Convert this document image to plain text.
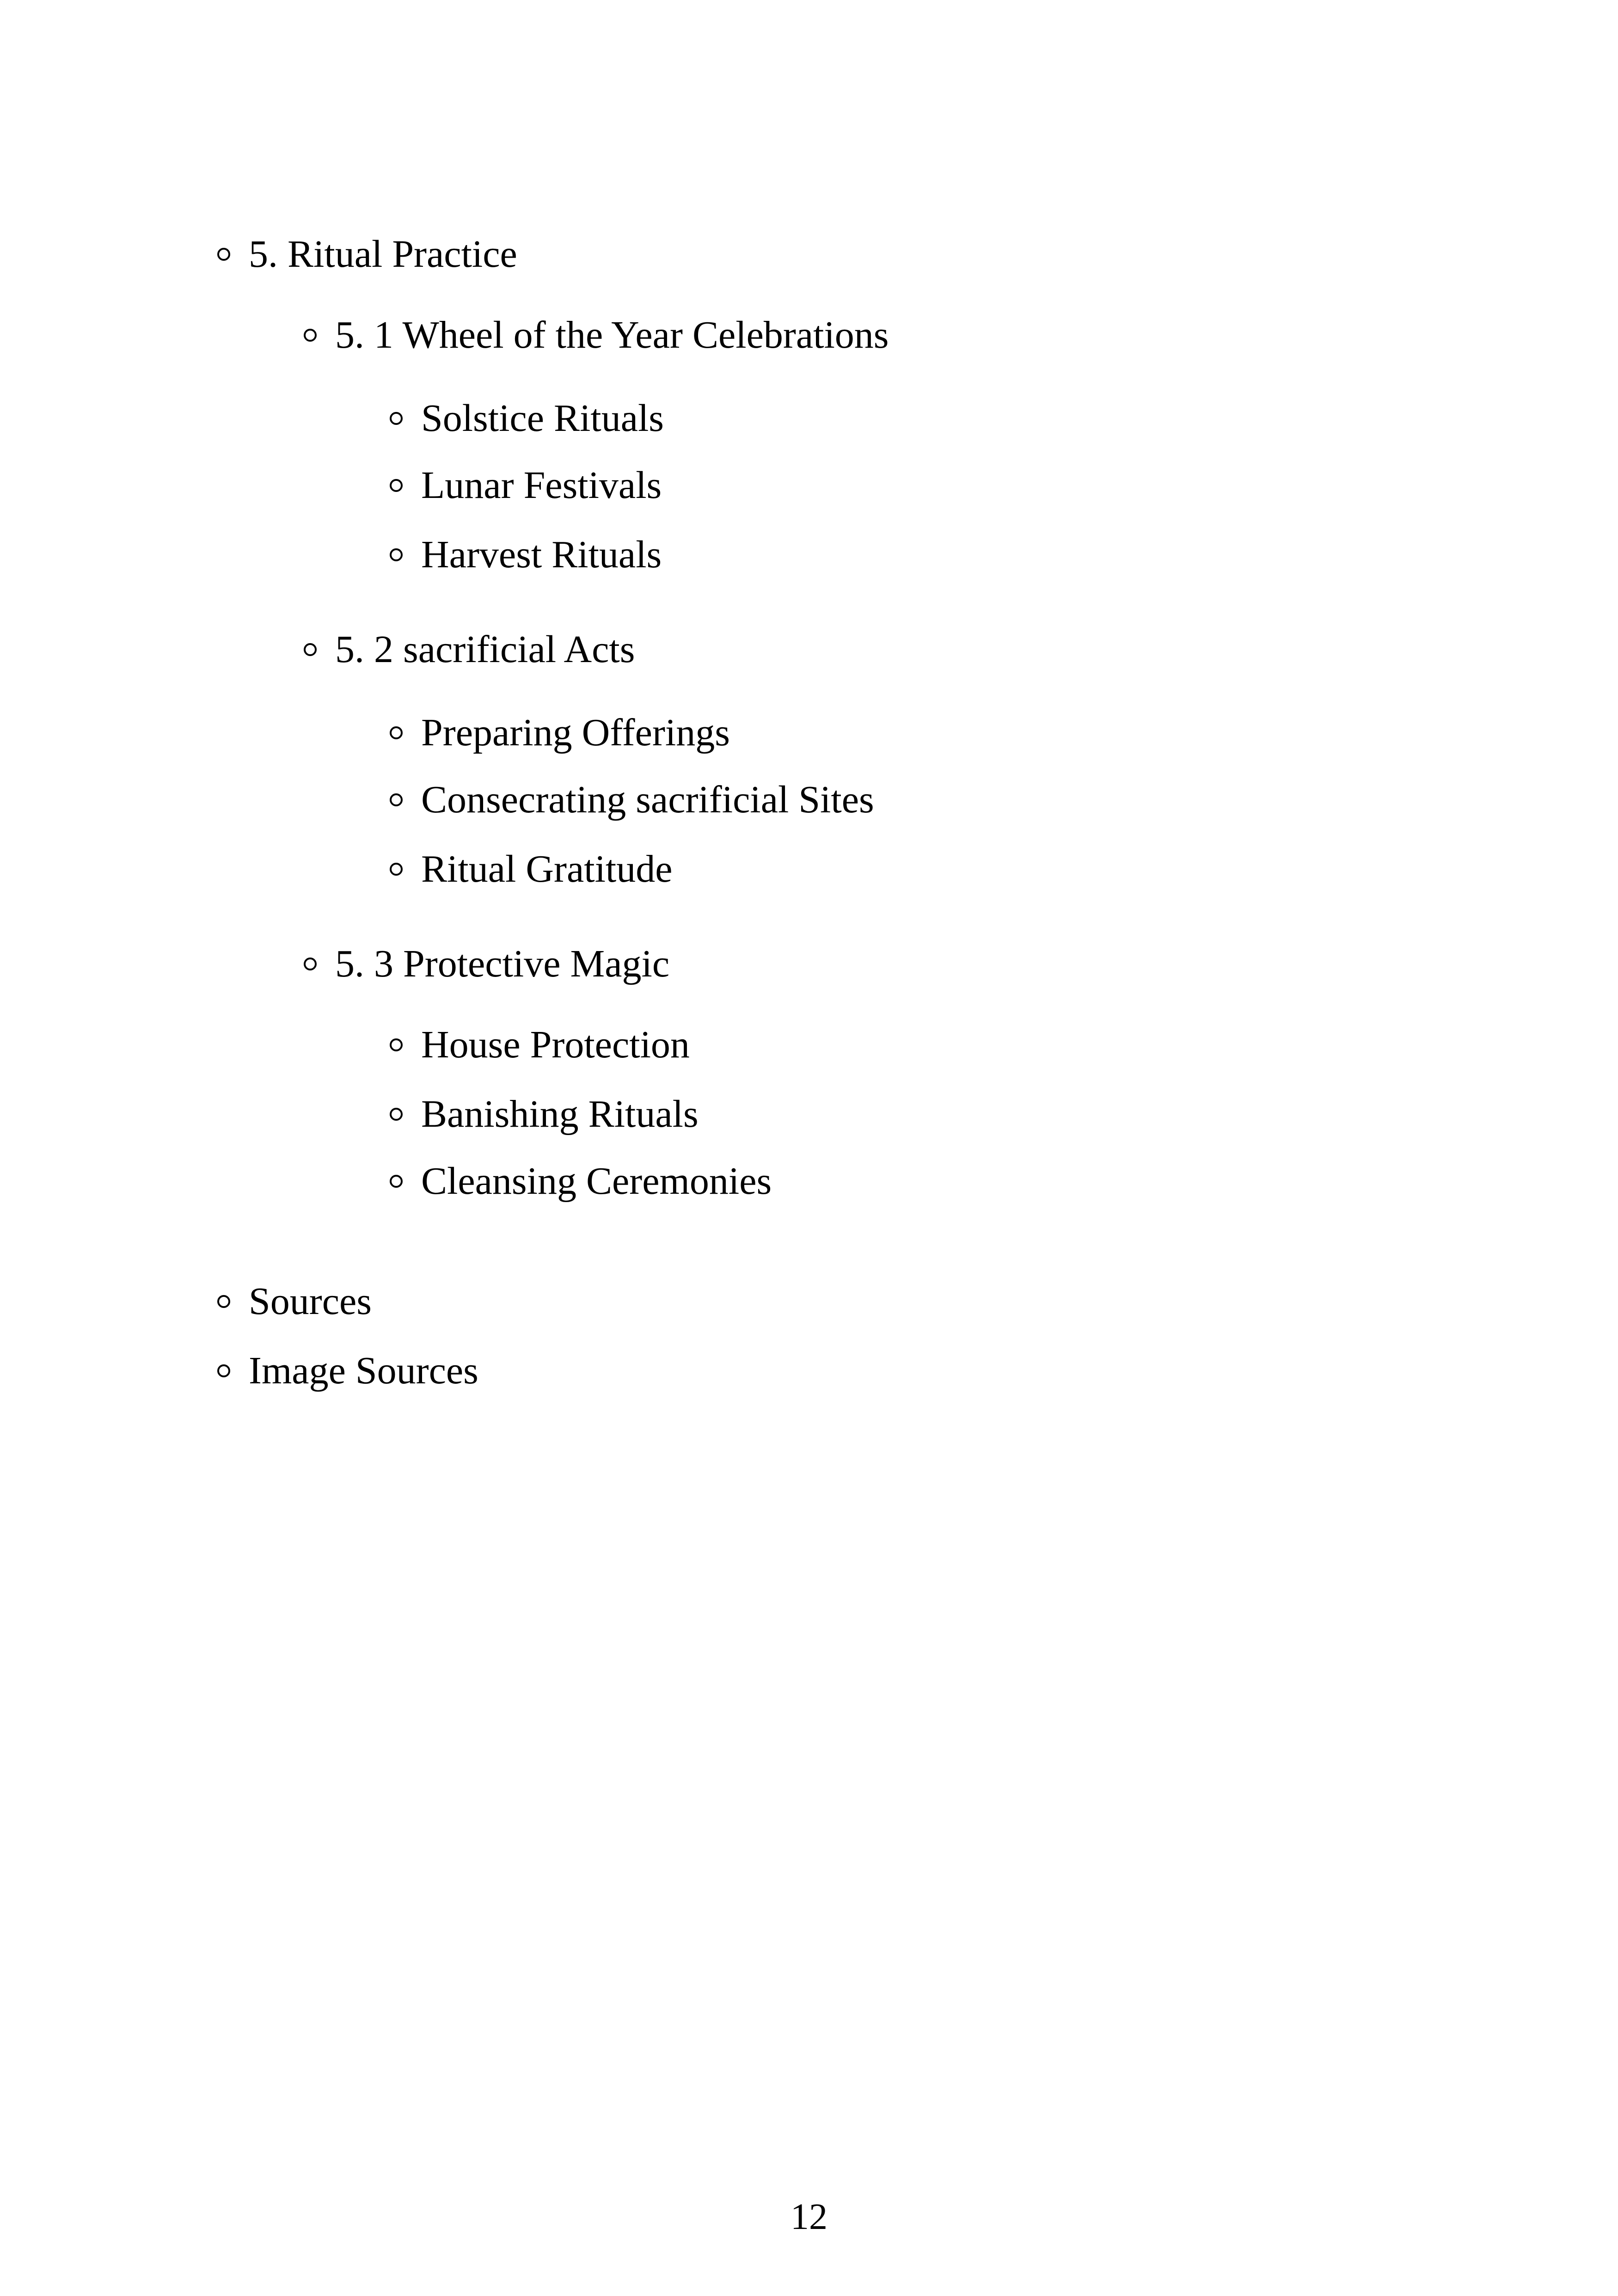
5. Ritual Practice
5. 1 Wheel of the Year Celebrations
Solstice Rituals
Lunar Festivals
Harvest Rituals
5. 2 sacrificial Acts
Preparing Offerings
Consecrating sacrificial Sites
Ritual Gratitude
5. 3 Protective Magic
House Protection
Banishing Rituals
Cleansing Ceremonies
Sources
Image Sources
12
